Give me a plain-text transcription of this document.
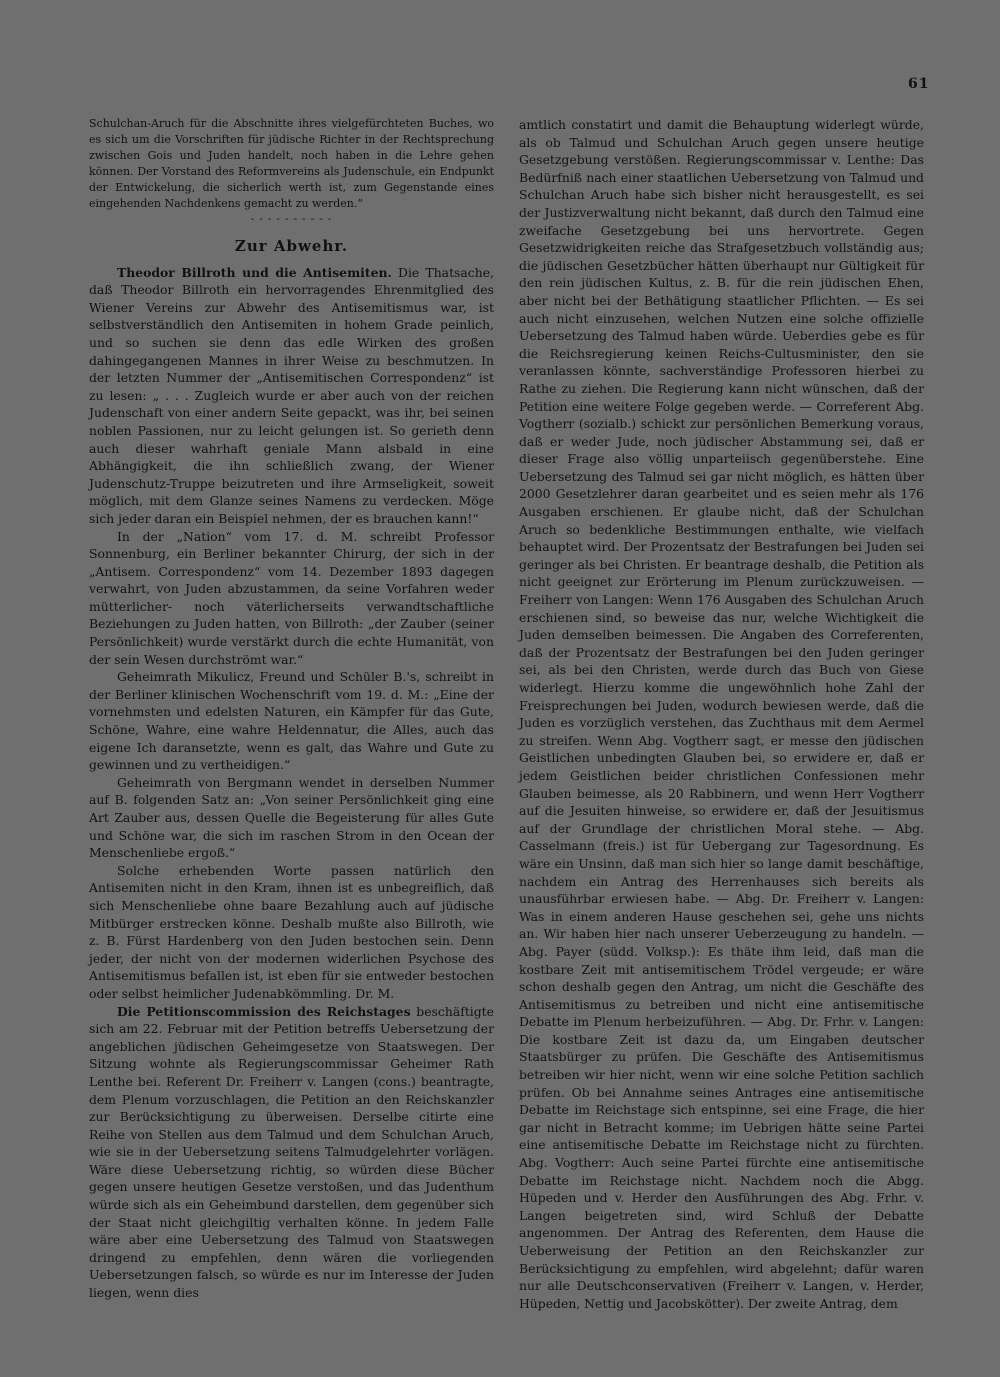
61

Schulchan-Aruch für die Abschnitte ihres vielgefürchteten Buches, wo es sich um die Vorschriften für jüdische Richter in der Rechtsprechung zwischen Gois und Juden handelt, noch haben in die Lehre gehen können. Der Vorstand des Reformvereins als Judenschule, ein Endpunkt der Entwickelung, die sicherlich werth ist, zum Gegenstande eines eingehenden Nachdenkens gemacht zu werden.“

- - - - - - - - - -
Zur Abwehr.

Theodor Billroth und die Antisemiten. Die Thatsache, daß Theodor Billroth ein hervorragendes Ehrenmitglied des Wiener Vereins zur Abwehr des Antisemitismus war, ist selbstverständlich den Antisemiten in hohem Grade peinlich, und so suchen sie denn das edle Wirken des großen dahingegangenen Mannes in ihrer Weise zu beschmutzen. In der letzten Nummer der „Antisemitischen Correspondenz“ ist zu lesen: „ . . . Zugleich wurde er aber auch von der reichen Judenschaft von einer andern Seite gepackt, was ihr, bei seinen noblen Passionen, nur zu leicht gelungen ist. So gerieth denn auch dieser wahrhaft geniale Mann alsbald in eine Abhängigkeit, die ihn schließlich zwang, der Wiener Judenschutz-Truppe beizutreten und ihre Armseligkeit, soweit möglich, mit dem Glanze seines Namens zu verdecken. Möge sich jeder daran ein Beispiel nehmen, der es brauchen kann!“

In der „Nation“ vom 17. d. M. schreibt Professor Sonnenburg, ein Berliner bekannter Chirurg, der sich in der „Antisem. Correspondenz“ vom 14. Dezember 1893 dagegen verwahrt, von Juden abzustammen, da seine Vorfahren weder mütterlicher- noch väterlicherseits verwandtschaftliche Beziehungen zu Juden hatten, von Billroth: „der Zauber (seiner Persönlichkeit) wurde verstärkt durch die echte Humanität, von der sein Wesen durchströmt war.“

Geheimrath Mikulicz, Freund und Schüler B.'s, schreibt in der Berliner klinischen Wochenschrift vom 19. d. M.: „Eine der vornehmsten und edelsten Naturen, ein Kämpfer für das Gute, Schöne, Wahre, eine wahre Heldennatur, die Alles, auch das eigene Ich daransetzte, wenn es galt, das Wahre und Gute zu gewinnen und zu vertheidigen.“

Geheimrath von Bergmann wendet in derselben Nummer auf B. folgenden Satz an: „Von seiner Persönlichkeit ging eine Art Zauber aus, dessen Quelle die Begeisterung für alles Gute und Schöne war, die sich im raschen Strom in den Ocean der Menschenliebe ergoß.“

Solche erhebenden Worte passen natürlich den Antisemiten nicht in den Kram, ihnen ist es unbegreiflich, daß sich Menschenliebe ohne baare Bezahlung auch auf jüdische Mitbürger erstrecken könne. Deshalb mußte also Billroth, wie z. B. Fürst Hardenberg von den Juden bestochen sein. Denn jeder, der nicht von der modernen widerlichen Psychose des Antisemitismus befallen ist, ist eben für sie entweder bestochen oder selbst heimlicher Judenabkömmling. Dr. M.

Die Petitionscommission des Reichstages beschäftigte sich am 22. Februar mit der Petition betreffs Uebersetzung der angeblichen jüdischen Geheimgesetze von Staatswegen. Der Sitzung wohnte als Regierungscommissar Geheimer Rath Lenthe bei. Referent Dr. Freiherr v. Langen (cons.) beantragte, dem Plenum vorzuschlagen, die Petition an den Reichskanzler zur Berücksichtigung zu überweisen. Derselbe citirte eine Reihe von Stellen aus dem Talmud und dem Schulchan Aruch, wie sie in der Uebersetzung seitens Talmudgelehrter vorlägen. Wäre diese Uebersetzung richtig, so würden diese Bücher gegen unsere heutigen Gesetze verstoßen, und das Judenthum würde sich als ein Geheimbund darstellen, dem gegenüber sich der Staat nicht gleichgiltig verhalten könne. In jedem Falle wäre aber eine Uebersetzung des Talmud von Staatswegen dringend zu empfehlen, denn wären die vorliegenden Uebersetzungen falsch, so würde es nur im Interesse der Juden liegen, wenn dies

amtlich constatirt und damit die Behauptung widerlegt würde, als ob Talmud und Schulchan Aruch gegen unsere heutige Gesetzgebung verstößen. Regierungscommissar v. Lenthe: Das Bedürfniß nach einer staatlichen Uebersetzung von Talmud und Schulchan Aruch habe sich bisher nicht herausgestellt, es sei der Justizverwaltung nicht bekannt, daß durch den Talmud eine zweifache Gesetzgebung bei uns hervortrete. Gegen Gesetzwidrigkeiten reiche das Strafgesetzbuch vollständig aus; die jüdischen Gesetzbücher hätten überhaupt nur Gültigkeit für den rein jüdischen Kultus, z. B. für die rein jüdischen Ehen, aber nicht bei der Bethätigung staatlicher Pflichten. — Es sei auch nicht einzusehen, welchen Nutzen eine solche offizielle Uebersetzung des Talmud haben würde. Ueberdies gebe es für die Reichsregierung keinen Reichs-Cultusminister, den sie veranlassen könnte, sachverständige Professoren hierbei zu Rathe zu ziehen. Die Regierung kann nicht wünschen, daß der Petition eine weitere Folge gegeben werde. — Correferent Abg. Vogtherr (sozialb.) schickt zur persönlichen Bemerkung voraus, daß er weder Jude, noch jüdischer Abstammung sei, daß er dieser Frage also völlig unparteiisch gegenüberstehe. Eine Uebersetzung des Talmud sei gar nicht möglich, es hätten über 2000 Gesetzlehrer daran gearbeitet und es seien mehr als 176 Ausgaben erschienen. Er glaube nicht, daß der Schulchan Aruch so bedenkliche Bestimmungen enthalte, wie vielfach behauptet wird. Der Prozentsatz der Bestrafungen bei Juden sei geringer als bei Christen. Er beantrage deshalb, die Petition als nicht geeignet zur Erörterung im Plenum zurückzuweisen. — Freiherr von Langen: Wenn 176 Ausgaben des Schulchan Aruch erschienen sind, so beweise das nur, welche Wichtigkeit die Juden demselben beimessen. Die Angaben des Correferenten, daß der Prozentsatz der Bestrafungen bei den Juden geringer sei, als bei den Christen, werde durch das Buch von Giese widerlegt. Hierzu komme die ungewöhnlich hohe Zahl der Freisprechungen bei Juden, wodurch bewiesen werde, daß die Juden es vorzüglich verstehen, das Zuchthaus mit dem Aermel zu streifen. Wenn Abg. Vogtherr sagt, er messe den jüdischen Geistlichen unbedingten Glauben bei, so erwidere er, daß er jedem Geistlichen beider christlichen Confessionen mehr Glauben beimesse, als 20 Rabbinern, und wenn Herr Vogtherr auf die Jesuiten hinweise, so erwidere er, daß der Jesuitismus auf der Grundlage der christlichen Moral stehe. — Abg. Casselmann (freis.) ist für Uebergang zur Tagesordnung. Es wäre ein Unsinn, daß man sich hier so lange damit beschäftige, nachdem ein Antrag des Herrenhauses sich bereits als unausführbar erwiesen habe. — Abg. Dr. Freiherr v. Langen: Was in einem anderen Hause geschehen sei, gehe uns nichts an. Wir haben hier nach unserer Ueberzeugung zu handeln. — Abg. Payer (südd. Volksp.): Es thäte ihm leid, daß man die kostbare Zeit mit antisemitischem Trödel vergeude; er wäre schon deshalb gegen den Antrag, um nicht die Geschäfte des Antisemitismus zu betreiben und nicht eine antisemitische Debatte im Plenum herbeizuführen. — Abg. Dr. Frhr. v. Langen: Die kostbare Zeit ist dazu da, um Eingaben deutscher Staatsbürger zu prüfen. Die Geschäfte des Antisemitismus betreiben wir hier nicht, wenn wir eine solche Petition sachlich prüfen. Ob bei Annahme seines Antrages eine antisemitische Debatte im Reichstage sich entspinne, sei eine Frage, die hier gar nicht in Betracht komme; im Uebrigen hätte seine Partei eine antisemitische Debatte im Reichstage nicht zu fürchten. Abg. Vogtherr: Auch seine Partei fürchte eine antisemitische Debatte im Reichstage nicht. Nachdem noch die Abgg. Hüpeden und v. Herder den Ausführungen des Abg. Frhr. v. Langen beigetreten sind, wird Schluß der Debatte angenommen. Der Antrag des Referenten, dem Hause die Ueberweisung der Petition an den Reichskanzler zur Berücksichtigung zu empfehlen, wird abgelehnt; dafür waren nur alle Deutschconservativen (Freiherr v. Langen, v. Herder, Hüpeden, Nettig und Jacobskötter). Der zweite Antrag, dem
